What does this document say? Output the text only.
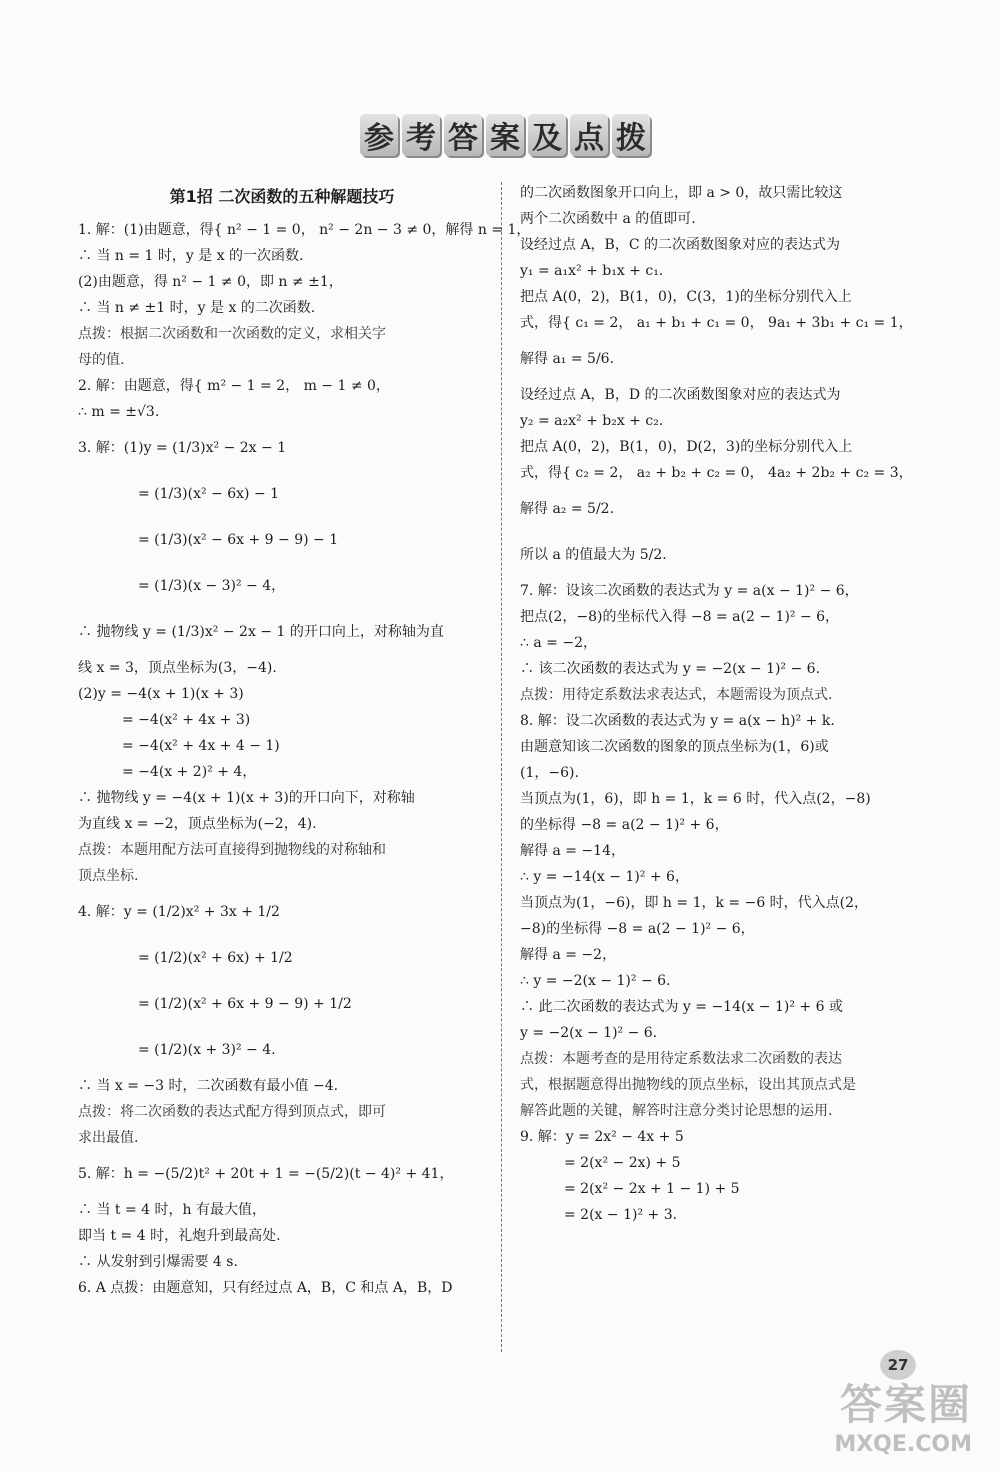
参 考 答 案 及 点 拨
第1招 二次函数的五种解题技巧
1. 解：(1)由题意，得{ n² − 1 = 0， n² − 2n − 3 ≠ 0，解得 n = 1，
∴ 当 n = 1 时，y 是 x 的一次函数.
(2)由题意，得 n² − 1 ≠ 0，即 n ≠ ±1，
∴ 当 n ≠ ±1 时，y 是 x 的二次函数.
点拨：根据二次函数和一次函数的定义，求相关字
母的值.
2. 解：由题意，得{ m² − 1 = 2， m − 1 ≠ 0，
∴ m = ±√3.
3. 解：(1)y = (1/3)x² − 2x − 1
= (1/3)(x² − 6x) − 1
= (1/3)(x² − 6x + 9 − 9) − 1
= (1/3)(x − 3)² − 4，
∴ 抛物线 y = (1/3)x² − 2x − 1 的开口向上，对称轴为直
线 x = 3，顶点坐标为(3，−4).
(2)y = −4(x + 1)(x + 3)
= −4(x² + 4x + 3)
= −4(x² + 4x + 4 − 1)
= −4(x + 2)² + 4，
∴ 抛物线 y = −4(x + 1)(x + 3)的开口向下，对称轴
为直线 x = −2，顶点坐标为(−2，4).
点拨：本题用配方法可直接得到抛物线的对称轴和
顶点坐标.
4. 解：y = (1/2)x² + 3x + 1/2
= (1/2)(x² + 6x) + 1/2
= (1/2)(x² + 6x + 9 − 9) + 1/2
= (1/2)(x + 3)² − 4.
∴ 当 x = −3 时，二次函数有最小值 −4.
点拨：将二次函数的表达式配方得到顶点式，即可
求出最值.
5. 解：h = −(5/2)t² + 20t + 1 = −(5/2)(t − 4)² + 41，
∴ 当 t = 4 时，h 有最大值，
即当 t = 4 时，礼炮升到最高处.
∴ 从发射到引爆需要 4 s.
6. A 点拨：由题意知，只有经过点 A，B，C 和点 A，B，D
的二次函数图象开口向上，即 a > 0，故只需比较这
两个二次函数中 a 的值即可.
设经过点 A，B，C 的二次函数图象对应的表达式为
y₁ = a₁x² + b₁x + c₁.
把点 A(0，2)，B(1，0)，C(3，1)的坐标分别代入上
式，得{ c₁ = 2， a₁ + b₁ + c₁ = 0， 9a₁ + 3b₁ + c₁ = 1，
解得 a₁ = 5/6.
设经过点 A，B，D 的二次函数图象对应的表达式为
y₂ = a₂x² + b₂x + c₂.
把点 A(0，2)，B(1，0)，D(2，3)的坐标分别代入上
式，得{ c₂ = 2， a₂ + b₂ + c₂ = 0， 4a₂ + 2b₂ + c₂ = 3，
解得 a₂ = 5/2.
所以 a 的值最大为 5/2.
7. 解：设该二次函数的表达式为 y = a(x − 1)² − 6，
把点(2，−8)的坐标代入得 −8 = a(2 − 1)² − 6，
∴ a = −2，
∴ 该二次函数的表达式为 y = −2(x − 1)² − 6.
点拨：用待定系数法求表达式，本题需设为顶点式.
8. 解：设二次函数的表达式为 y = a(x − h)² + k.
由题意知该二次函数的图象的顶点坐标为(1，6)或
(1，−6).
当顶点为(1，6)，即 h = 1，k = 6 时，代入点(2，−8)
的坐标得 −8 = a(2 − 1)² + 6，
解得 a = −14，
∴ y = −14(x − 1)² + 6，
当顶点为(1，−6)，即 h = 1，k = −6 时，代入点(2，
−8)的坐标得 −8 = a(2 − 1)² − 6，
解得 a = −2，
∴ y = −2(x − 1)² − 6.
∴ 此二次函数的表达式为 y = −14(x − 1)² + 6 或
y = −2(x − 1)² − 6.
点拨：本题考查的是用待定系数法求二次函数的表达
式，根据题意得出抛物线的顶点坐标，设出其顶点式是
解答此题的关键，解答时注意分类讨论思想的运用.
9. 解：y = 2x² − 4x + 5
= 2(x² − 2x) + 5
= 2(x² − 2x + 1 − 1) + 5
= 2(x − 1)² + 3.
27
答案圈
MXQE.COM
